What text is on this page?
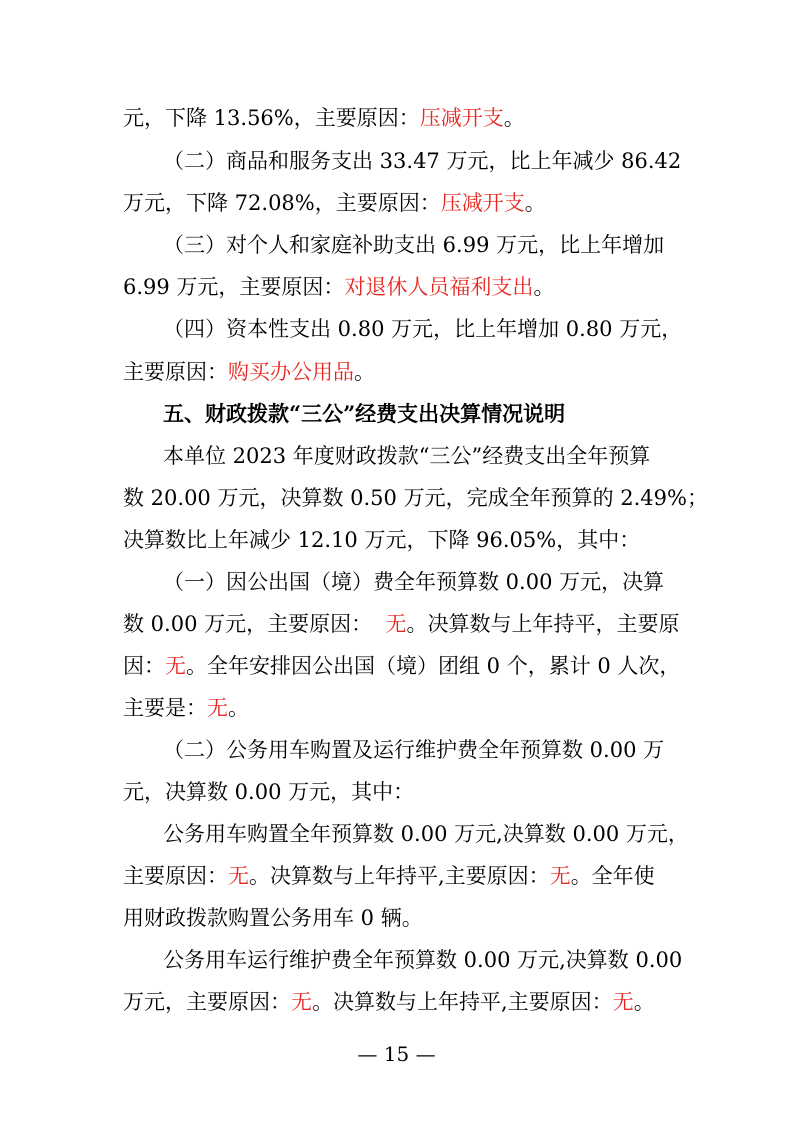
元，下降 13.56%，主要原因：压减开支。
（二）商品和服务支出 33.47 万元，比上年减少 86.42
万元，下降 72.08%，主要原因：压减开支。
（三）对个人和家庭补助支出 6.99 万元，比上年增加
6.99 万元，主要原因：对退休人员福利支出。
（四）资本性支出 0.80 万元，比上年增加 0.80 万元，
主要原因：购买办公用品。
五、财政拨款“三公”经费支出决算情况说明
本单位 2023 年度财政拨款“三公”经费支出全年预算
数 20.00 万元，决算数 0.50 万元，完成全年预算的 2.49%；
决算数比上年减少 12.10 万元，下降 96.05%，其中：
（一）因公出国（境）费全年预算数 0.00 万元，决算
数 0.00 万元，主要原因：  无。决算数与上年持平，主要原
因：无。全年安排因公出国（境）团组 0 个，累计 0 人次，
主要是：无。
（二）公务用车购置及运行维护费全年预算数 0.00 万
元，决算数 0.00 万元，其中：
公务用车购置全年预算数 0.00 万元,决算数 0.00 万元，
主要原因：无。决算数与上年持平,主要原因：无。全年使
用财政拨款购置公务用车 0 辆。
公务用车运行维护费全年预算数 0.00 万元,决算数 0.00
万元，主要原因：无。决算数与上年持平,主要原因：无。
— 15 —
